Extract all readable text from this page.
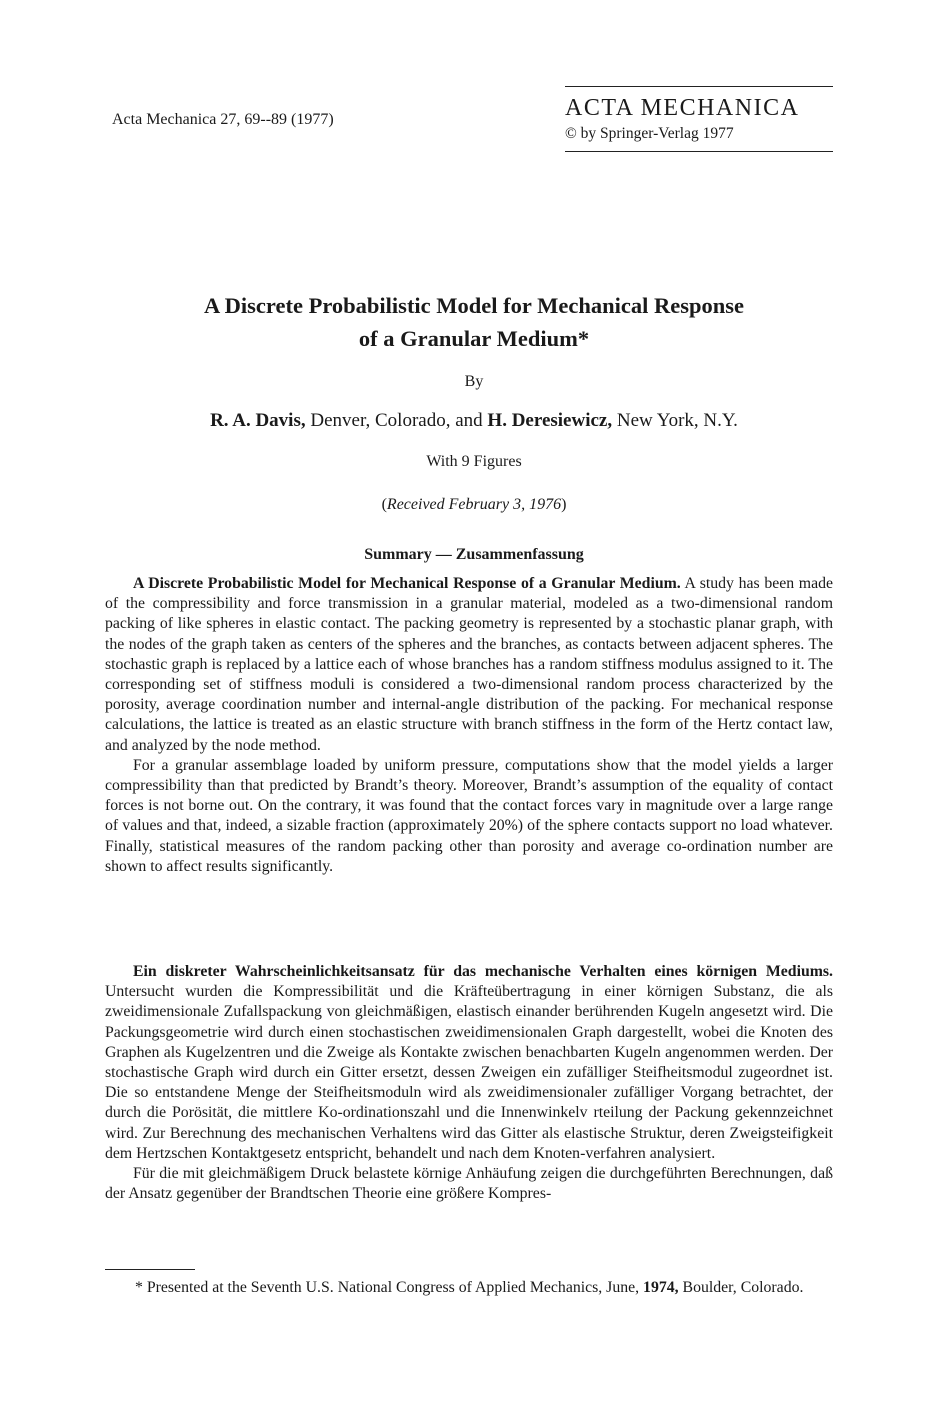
Acta Mechanica 27, 69--89 (1977)	ACTA MECHANICA
© by Springer-Verlag 1977
A Discrete Probabilistic Model for Mechanical Response
of a Granular Medium*
By
R. A. Davis, Denver, Colorado, and H. Deresiewicz, New York, N.Y.
With 9 Figures
(Received February 3, 1976)
Summary — Zusammenfassung

A Discrete Probabilistic Model for Mechanical Response of a Granular Medium. A study has been made of the compressibility and force transmission in a granular material, modeled as a two-dimensional random packing of like spheres in elastic contact. The packing geometry is represented by a stochastic planar graph, with the nodes of the graph taken as centers of the spheres and the branches, as contacts between adjacent spheres. The stochastic graph is replaced by a lattice each of whose branches has a random stiffness modulus assigned to it. The corresponding set of stiffness moduli is considered a two-dimensional random process characterized by the porosity, average coordination number and internal-angle distribution of the packing. For mechanical response calculations, the lattice is treated as an elastic structure with branch stiffness in the form of the Hertz contact law, and analyzed by the node method.

For a granular assemblage loaded by uniform pressure, computations show that the model yields a larger compressibility than that predicted by Brandt’s theory. Moreover, Brandt’s assumption of the equality of contact forces is not borne out. On the contrary, it was found that the contact forces vary in magnitude over a large range of values and that, indeed, a sizable fraction (approximately 20%) of the sphere contacts support no load whatever. Finally, statistical measures of the random packing other than porosity and average co-ordination number are shown to affect results significantly.

Ein diskreter Wahrscheinlichkeitsansatz für das mechanische Verhalten eines körnigen Mediums. Untersucht wurden die Kompressibilität und die Kräfteübertragung in einer körnigen Substanz, die als zweidimensionale Zufallspackung von gleichmäßigen, elastisch einander berührenden Kugeln angesetzt wird. Die Packungsgeometrie wird durch einen stochastischen zweidimensionalen Graph dargestellt, wobei die Knoten des Graphen als Kugelzentren und die Zweige als Kontakte zwischen benachbarten Kugeln angenommen werden. Der stochastische Graph wird durch ein Gitter ersetzt, dessen Zweigen ein zufälliger Steifheitsmodul zugeordnet ist. Die so entstandene Menge der Steifheitsmoduln wird als zweidimensionaler zufälliger Vorgang betrachtet, der durch die Porösität, die mittlere Ko-ordinationszahl und die Innenwinkelv rteilung der Packung gekennzeichnet wird. Zur Berechnung des mechanischen Verhaltens wird das Gitter als elastische Struktur, deren Zweigsteifigkeit dem Hertzschen Kontaktgesetz entspricht, behandelt und nach dem Knoten-verfahren analysiert.

Für die mit gleichmäßigem Druck belastete körnige Anhäufung zeigen die durchgeführten Berechnungen, daß der Ansatz gegenüber der Brandtschen Theorie eine größere Kompres-

* Presented at the Seventh U.S. National Congress of Applied Mechanics, June, 1974, Boulder, Colorado.
